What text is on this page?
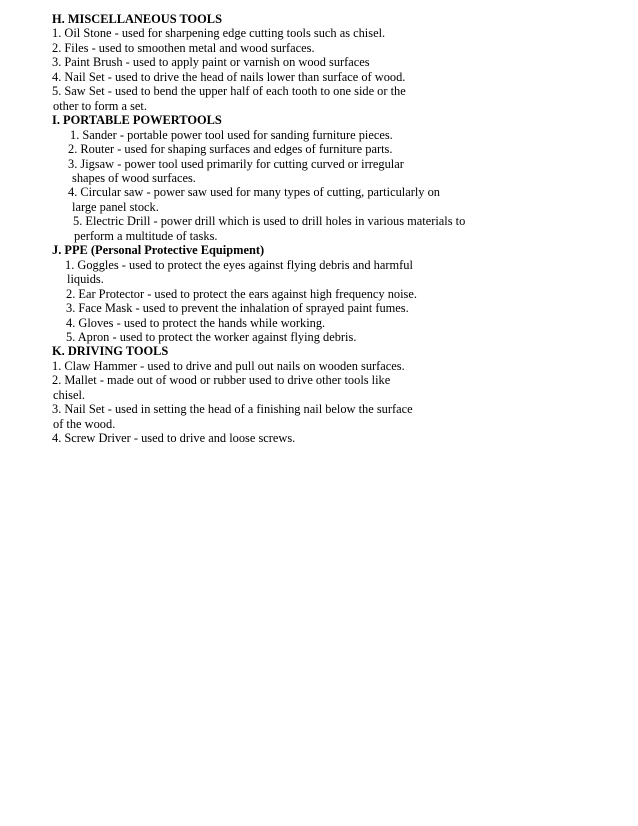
H. MISCELLANEOUS TOOLS
1. Oil Stone - used for sharpening edge cutting tools such as chisel.
2. Files - used to smoothen metal and wood surfaces.
3. Paint Brush - used to apply paint or varnish on wood surfaces
4. Nail Set - used to drive the head of nails lower than surface of wood.
5. Saw Set - used to bend the upper half of each tooth to one side or the
other to form a set.
I. PORTABLE POWERTOOLS
1. Sander - portable power tool used for sanding furniture pieces.
2. Router - used for shaping surfaces and edges of furniture parts.
3. Jigsaw - power tool used primarily for cutting curved or irregular
shapes of wood surfaces.
4. Circular saw - power saw used for many types of cutting, particularly on
large panel stock.
5. Electric Drill - power drill which is used to drill holes in various materials to
perform a multitude of tasks.
J. PPE (Personal Protective Equipment)
1. Goggles - used to protect the eyes against flying debris and harmful
liquids.
2. Ear Protector - used to protect the ears against high frequency noise.
3. Face Mask - used to prevent the inhalation of sprayed paint fumes.
4. Gloves - used to protect the hands while working.
5. Apron - used to protect the worker against flying debris.
K. DRIVING TOOLS
1. Claw Hammer - used to drive and pull out nails on wooden surfaces.
2. Mallet - made out of wood or rubber used to drive other tools like
chisel.
3. Nail Set - used in setting the head of a finishing nail below the surface
of the wood.
4. Screw Driver - used to drive and loose screws.
